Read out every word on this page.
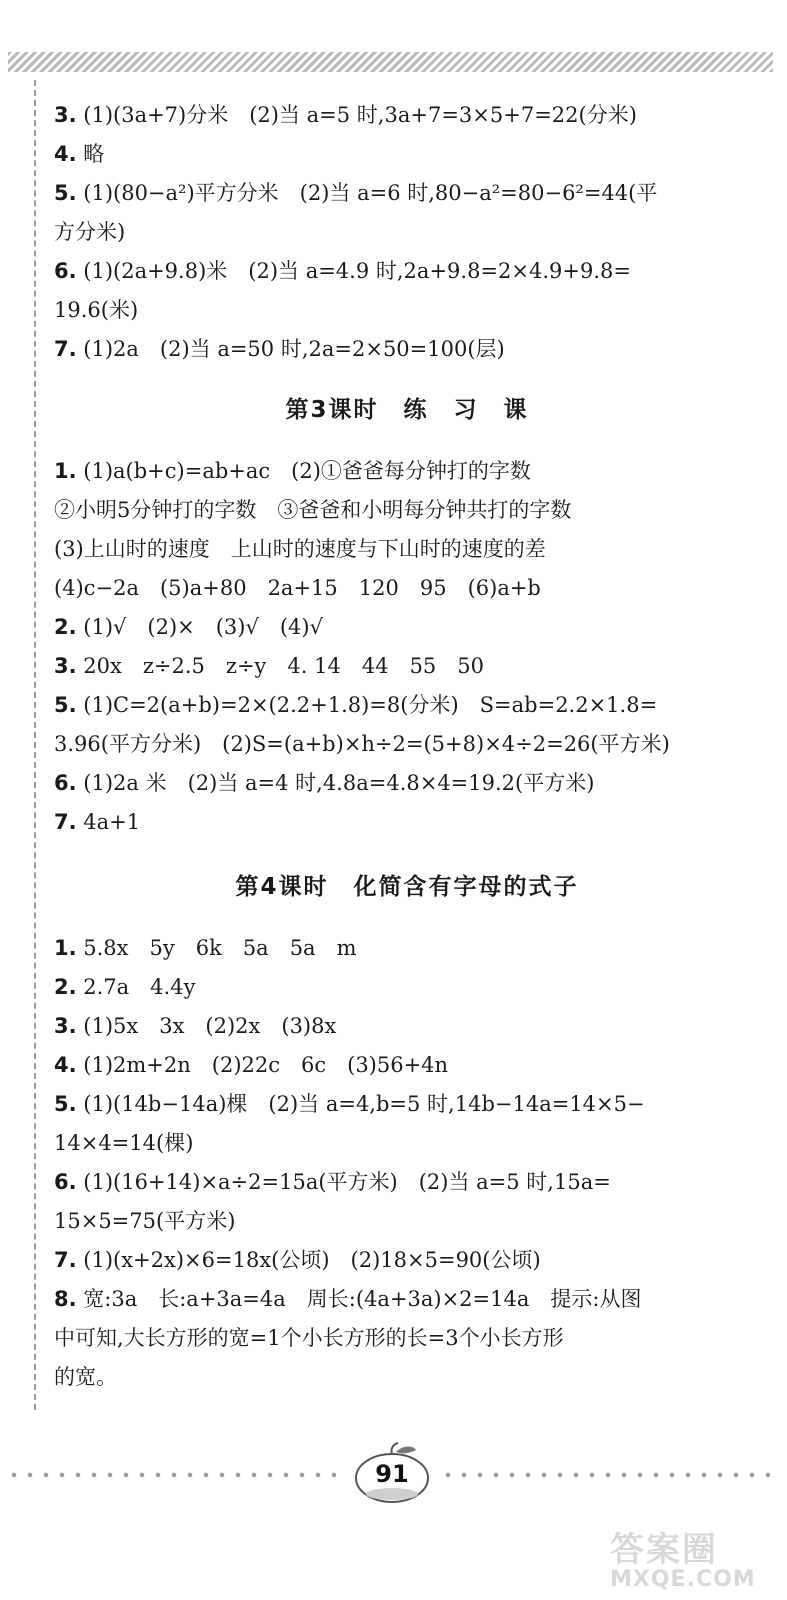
3. (1)(3a+7)分米　(2)当 a=5 时,3a+7=3×5+7=22(分米)
4. 略
5. (1)(80−a²)平方分米　(2)当 a=6 时,80−a²=80−6²=44(平
方分米)
6. (1)(2a+9.8)米　(2)当 a=4.9 时,2a+9.8=2×4.9+9.8=
19.6(米)
7. (1)2a　(2)当 a=50 时,2a=2×50=100(层)
第3课时　练　习　课
1. (1)a(b+c)=ab+ac　(2)①爸爸每分钟打的字数
②小明5分钟打的字数　③爸爸和小明每分钟共打的字数
(3)上山时的速度　上山时的速度与下山时的速度的差
(4)c−2a　(5)a+80　2a+15　120　95　(6)a+b
2. (1)√　(2)×　(3)√　(4)√
3. 20x　z÷2.5　z÷y　4. 14　44　55　50
5. (1)C=2(a+b)=2×(2.2+1.8)=8(分米)　S=ab=2.2×1.8=
3.96(平方分米)　(2)S=(a+b)×h÷2=(5+8)×4÷2=26(平方米)
6. (1)2a 米　(2)当 a=4 时,4.8a=4.8×4=19.2(平方米)
7. 4a+1
第4课时　化简含有字母的式子
1. 5.8x　5y　6k　5a　5a　m
2. 2.7a　4.4y
3. (1)5x　3x　(2)2x　(3)8x
4. (1)2m+2n　(2)22c　6c　(3)56+4n
5. (1)(14b−14a)棵　(2)当 a=4,b=5 时,14b−14a=14×5−
14×4=14(棵)
6. (1)(16+14)×a÷2=15a(平方米)　(2)当 a=5 时,15a=
15×5=75(平方米)
7. (1)(x+2x)×6=18x(公顷)　(2)18×5=90(公顷)
8. 宽:3a　长:a+3a=4a　周长:(4a+3a)×2=14a　提示:从图
中可知,大长方形的宽=1个小长方形的长=3个小长方形
的宽。
91
答案圈
MXQE.COM
